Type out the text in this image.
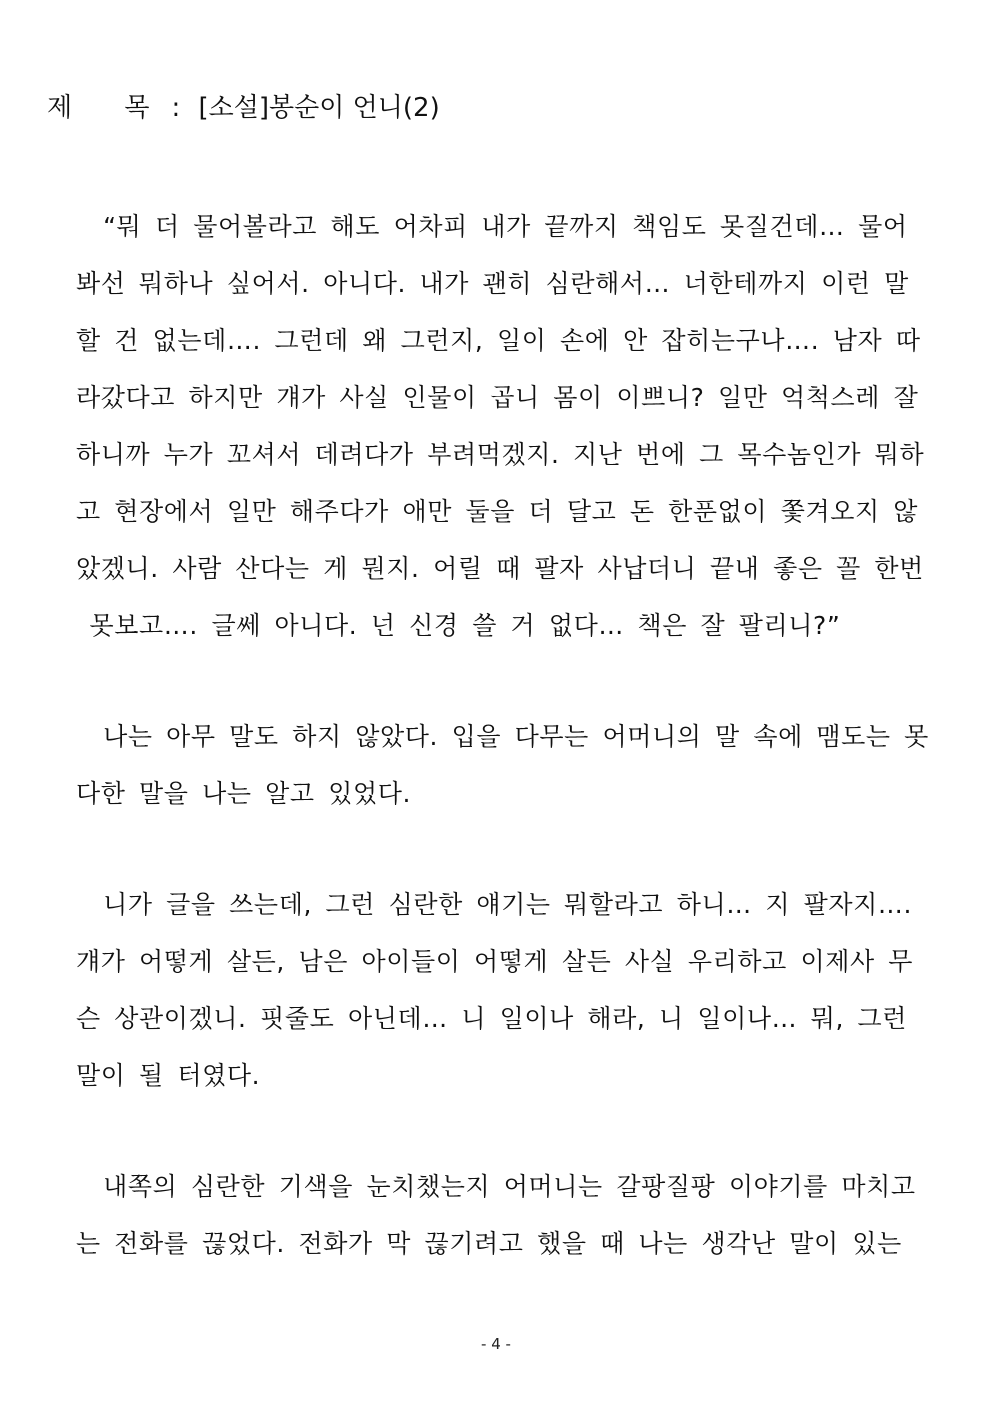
제 목: [소설]봉순이 언니(2)
“뭐 더 물어볼라고 해도 어차피 내가 끝까지 책임도 못질건데… 물어
봐선 뭐하나 싶어서. 아니다. 내가 괜히 심란해서… 너한테까지 이런 말
할 건 없는데…. 그런데 왜 그런지, 일이 손에 안 잡히는구나…. 남자 따
라갔다고 하지만 걔가 사실 인물이 곱니 몸이 이쁘니? 일만 억척스레 잘
하니까 누가 꼬셔서 데려다가 부려먹겠지. 지난 번에 그 목수놈인가 뭐하
고 현장에서 일만 해주다가 애만 둘을 더 달고 돈 한푼없이 쫓겨오지 않
았겠니. 사람 산다는 게 뭔지. 어릴 때 팔자 사납더니 끝내 좋은 꼴 한번
못보고…. 글쎄 아니다. 넌 신경 쓸 거 없다… 책은 잘 팔리니?”
나는 아무 말도 하지 않았다. 입을 다무는 어머니의 말 속에 맴도는 못
다한 말을 나는 알고 있었다.
니가 글을 쓰는데, 그런 심란한 얘기는 뭐할라고 하니… 지 팔자지….
걔가 어떻게 살든, 남은 아이들이 어떻게 살든 사실 우리하고 이제사 무
슨 상관이겠니. 핏줄도 아닌데… 니 일이나 해라, 니 일이나… 뭐, 그런
말이 될 터였다.
내쪽의 심란한 기색을 눈치챘는지 어머니는 갈팡질팡 이야기를 마치고
는 전화를 끊었다. 전화가 막 끊기려고 했을 때 나는 생각난 말이 있는
- 4 -
